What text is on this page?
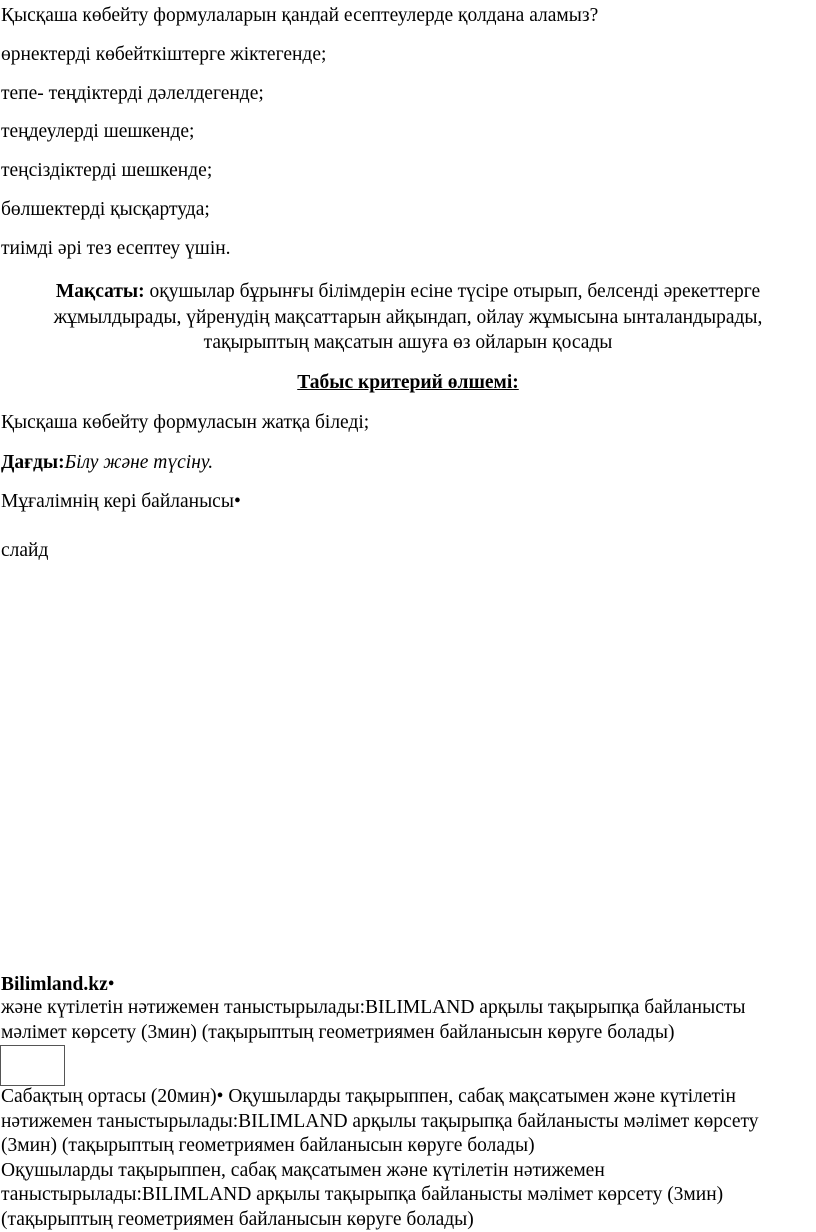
Қысқаша көбейту формулаларын қандай есептеулерде қолдана аламыз?
өрнектерді көбейткіштерге жіктегенде;
тепе- теңдіктерді дәлелдегенде;
теңдеулерді шешкенде;
теңсіздіктерді шешкенде;
бөлшектерді қысқартуда;
тиімді әрі тез есептеу үшін.
Мақсаты: оқушылар бұрынғы білімдерін есіне түсіре отырып, белсенді әрекеттерге
жұмылдырады, үйренудің мақсаттарын айқындап, ойлау жұмысына ынталандырады,
тақырыптың мақсатын ашуға өз ойларын қосады
Табыс критерий өлшемі:
Қысқаша көбейту формуласын жатқа біледі;
Дағды:Білу және түсіну.
Мұғалімнің кері байланысы•
слайд
Bilimland.kz•
және күтілетін нәтижемен таныстырылады:BILIMLAND арқылы тақырыпқа байланысты
мәлімет көрсету (3мин) (тақырыптың геометриямен байланысын көруге болады)
Сабақтың ортасы (20мин)• Оқушыларды тақырыппен, сабақ мақсатымен және күтілетін
нәтижемен таныстырылады:BILIMLAND арқылы тақырыпқа байланысты мәлімет көрсету
(3мин) (тақырыптың геометриямен байланысын көруге болады)
Оқушыларды тақырыппен, сабақ мақсатымен және күтілетін нәтижемен
таныстырылады:BILIMLAND арқылы тақырыпқа байланысты мәлімет көрсету (3мин)
(тақырыптың геометриямен байланысын көруге болады)
